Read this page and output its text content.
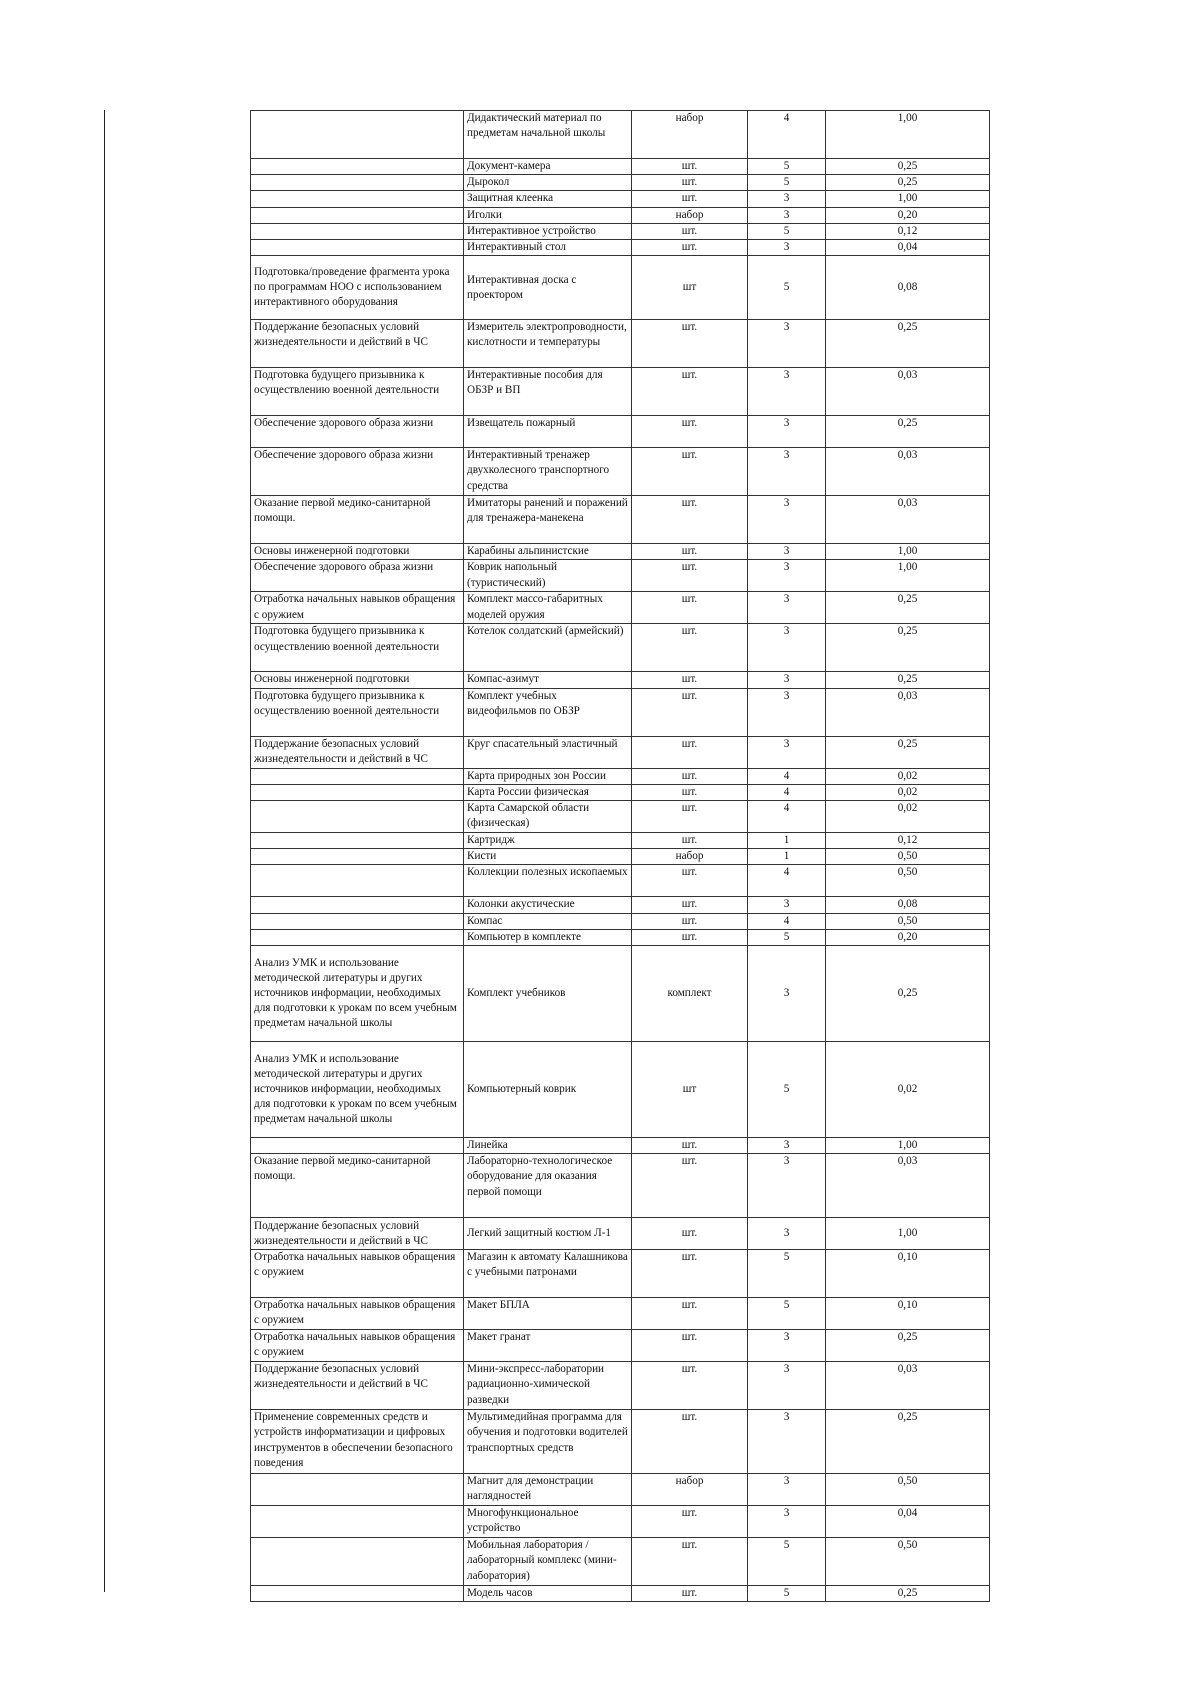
	Дидактический материал по предметам начальной школы	набор	4	1,00
	Документ-камера	шт.	5	0,25
	Дырокол	шт.	5	0,25
	Защитная клеенка	шт.	3	1,00
	Иголки	набор	3	0,20
	Интерактивное устройство	шт.	5	0,12
	Интерактивный стол	шт.	3	0,04
Подготовка/проведение фрагмента урока по программам НОО с использованием интерактивного оборудования	Интерактивная доска с проектором	шт	5	0,08
Поддержание безопасных условий жизнедеятельности и действий в ЧС	Измеритель электропроводности, кислотности и температуры	шт.	3	0,25
Подготовка будущего призывника к осуществлению военной деятельности	Интерактивные пособия для ОБЗР и ВП	шт.	3	0,03
Обеспечение здорового образа жизни	Извещатель пожарный	шт.	3	0,25
Обеспечение здорового образа жизни	Интерактивный тренажер двухколесного транспортного средства	шт.	3	0,03
Оказание первой медико-санитарной помощи.	Имитаторы ранений и поражений для тренажера-манекена	шт.	3	0,03
Основы инженерной подготовки	Карабины альпинистские	шт.	3	1,00
Обеспечение здорового образа жизни	Коврик напольный (туристический)	шт.	3	1,00
Отработка начальных навыков обращения с оружием	Комплект массо-габаритных моделей оружия	шт.	3	0,25
Подготовка будущего призывника к осуществлению военной деятельности	Котелок солдатский (армейский)	шт.	3	0,25
Основы инженерной подготовки	Компас-азимут	шт.	3	0,25
Подготовка будущего призывника к осуществлению военной деятельности	Комплект учебных видеофильмов по ОБЗР	шт.	3	0,03
Поддержание безопасных условий жизнедеятельности и действий в ЧС	Круг спасательный эластичный	шт.	3	0,25
	Карта природных зон России	шт.	4	0,02
	Карта России физическая	шт.	4	0,02
	Карта Самарской области (физическая)	шт.	4	0,02
	Картридж	шт.	1	0,12
	Кисти	набор	1	0,50
	Коллекции полезных ископаемых	шт.	4	0,50
	Колонки акустические	шт.	3	0,08
	Компас	шт.	4	0,50
	Компьютер в комплекте	шт.	5	0,20
Анализ УМК и использование методической литературы и других источников информации, необходимых для подготовки к урокам по всем учебным предметам начальной школы	Комплект учебников	комплект	3	0,25
Анализ УМК и использование методической литературы и других источников информации, необходимых для подготовки к урокам по всем учебным предметам начальной школы	Компьютерный коврик	шт	5	0,02
	Линейка	шт.	3	1,00
Оказание первой медико-санитарной помощи.	Лабораторно-технологическое оборудование для оказания первой помощи	шт.	3	0,03
Поддержание безопасных условий жизнедеятельности и действий в ЧС	Легкий защитный костюм Л-1	шт.	3	1,00
Отработка начальных навыков обращения с оружием	Магазин к автомату Калашникова с учебными патронами	шт.	5	0,10
Отработка начальных навыков обращения с оружием	Макет БПЛА	шт.	5	0,10
Отработка начальных навыков обращения с оружием	Макет гранат	шт.	3	0,25
Поддержание безопасных условий жизнедеятельности и действий в ЧС	Мини-экспресс-лаборатории радиационно-химической разведки	шт.	3	0,03
Применение современных средств и устройств информатизации и цифровых инструментов в обеспечении безопасного поведения	Мультимедийная программа для обучения и подготовки водителей транспортных средств	шт.	3	0,25
	Магнит для демонстрации наглядностей	набор	3	0,50
	Многофункциональное устройство	шт.	3	0,04
	Мобильная лаборатория / лабораторный комплекс (мини-лаборатория)	шт.	5	0,50
	Модель часов	шт.	5	0,25
